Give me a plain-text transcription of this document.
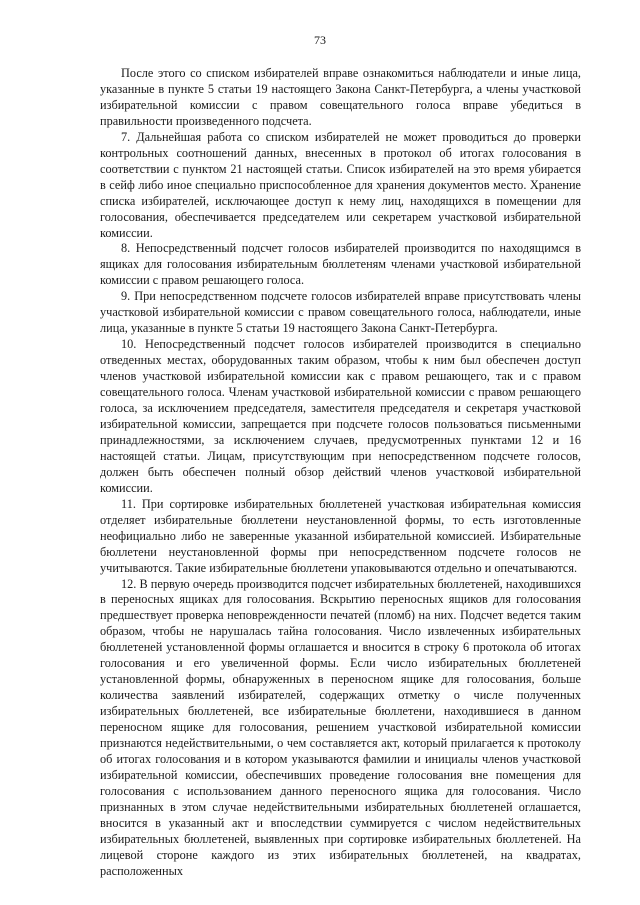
73

После этого со списком избирателей вправе ознакомиться наблюдатели и иные лица, указанные в пункте 5 статьи 19 настоящего Закона Санкт-Петербурга, а члены участковой избирательной комиссии с правом совещательного голоса вправе убедиться в правильности произведенного подсчета.

7. Дальнейшая работа со списком избирателей не может проводиться до проверки контрольных соотношений данных, внесенных в протокол об итогах голосования в соответствии с пунктом 21 настоящей статьи. Список избирателей на это время убирается в сейф либо иное специально приспособленное для хранения документов место. Хранение списка избирателей, исключающее доступ к нему лиц, находящихся в помещении для голосования, обеспечивается председателем или секретарем участковой избирательной комиссии.

8. Непосредственный подсчет голосов избирателей производится по находящимся в ящиках для голосования избирательным бюллетеням членами участковой избирательной комиссии с правом решающего голоса.

9. При непосредственном подсчете голосов избирателей вправе присутствовать члены участковой избирательной комиссии с правом совещательного голоса, наблюдатели, иные лица, указанные в пункте 5 статьи 19 настоящего Закона Санкт-Петербурга.

10. Непосредственный подсчет голосов избирателей производится в специально отведенных местах, оборудованных таким образом, чтобы к ним был обеспечен доступ членов участковой избирательной комиссии как с правом решающего, так и с правом совещательного голоса. Членам участковой избирательной комиссии с правом решающего голоса, за исключением председателя, заместителя председателя и секретаря участковой избирательной комиссии, запрещается при подсчете голосов пользоваться письменными принадлежностями, за исключением случаев, предусмотренных пунктами 12 и 16 настоящей статьи. Лицам, присутствующим при непосредственном подсчете голосов, должен быть обеспечен полный обзор действий членов участковой избирательной комиссии.

11. При сортировке избирательных бюллетеней участковая избирательная комиссия отделяет избирательные бюллетени неустановленной формы, то есть изготовленные неофициально либо не заверенные указанной избирательной комиссией. Избирательные бюллетени неустановленной формы при непосредственном подсчете голосов не учитываются. Такие избирательные бюллетени упаковываются отдельно и опечатываются.

12. В первую очередь производится подсчет избирательных бюллетеней, находившихся в переносных ящиках для голосования. Вскрытию переносных ящиков для голосования предшествует проверка неповрежденности печатей (пломб) на них. Подсчет ведется таким образом, чтобы не нарушалась тайна голосования. Число извлеченных избирательных бюллетеней установленной формы оглашается и вносится в строку 6 протокола об итогах голосования и его увеличенной формы. Если число избирательных бюллетеней установленной формы, обнаруженных в переносном ящике для голосования, больше количества заявлений избирателей, содержащих отметку о числе полученных избирательных бюллетеней, все избирательные бюллетени, находившиеся в данном переносном ящике для голосования, решением участковой избирательной комиссии признаются недействительными, о чем составляется акт, который прилагается к протоколу об итогах голосования и в котором указываются фамилии и инициалы членов участковой избирательной комиссии, обеспечивших проведение голосования вне помещения для голосования с использованием данного переносного ящика для голосования. Число признанных в этом случае недействительными избирательных бюллетеней оглашается, вносится в указанный акт и впоследствии суммируется с числом недействительных избирательных бюллетеней, выявленных при сортировке избирательных бюллетеней. На лицевой стороне каждого из этих избирательных бюллетеней, на квадратах, расположенных
